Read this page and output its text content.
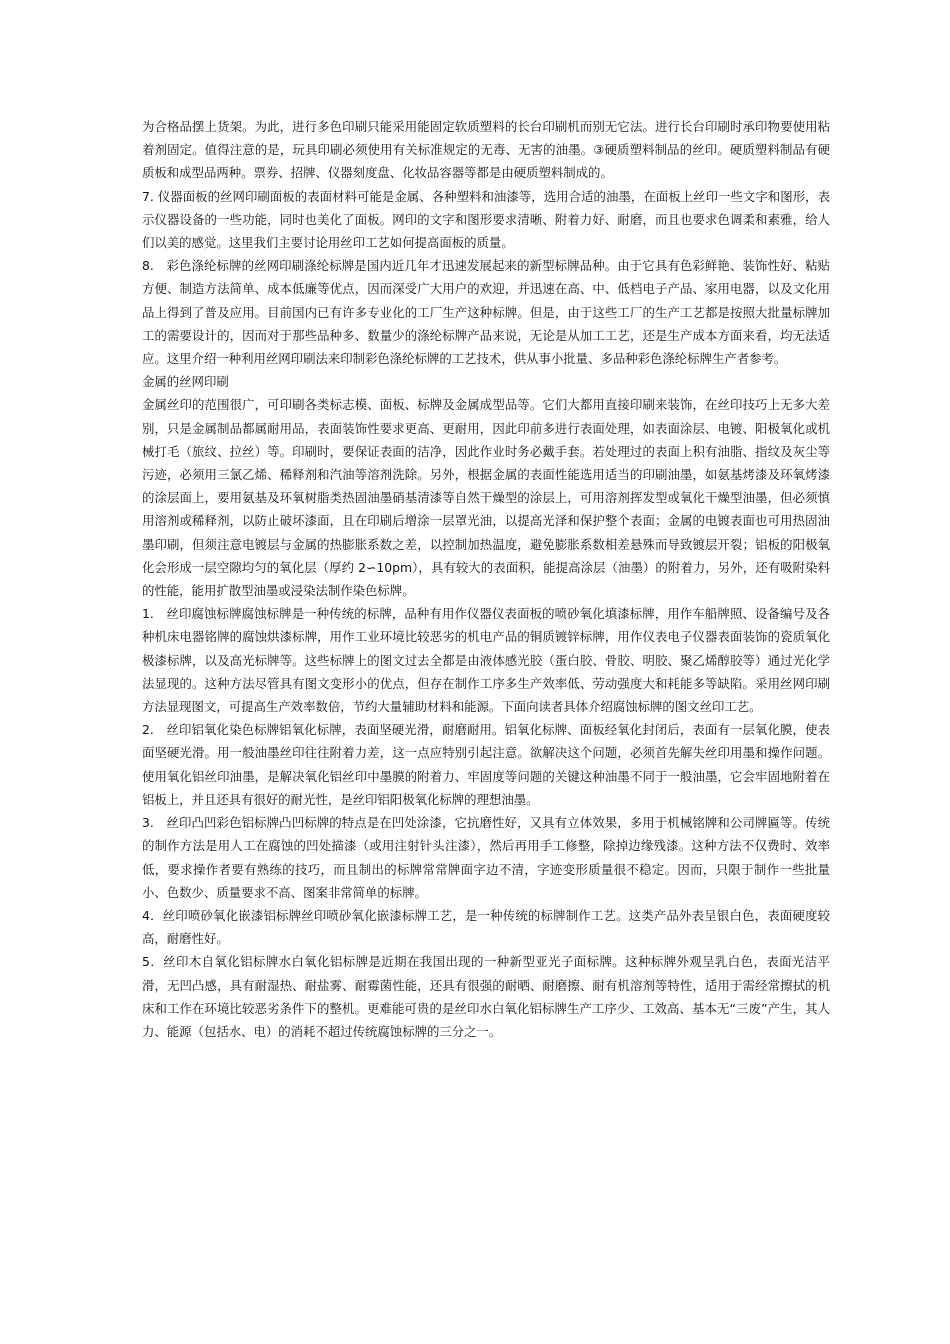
为合格品摆上货架。为此，进行多色印刷只能采用能固定软质塑料的长台印刷机而别无它法。进行长台印刷时承印物要使用粘着剂固定。值得注意的是，玩具印刷必须使用有关标准规定的无毒、无害的油墨。③硬质塑料制品的丝印。硬质塑料制品有硬质板和成型品两种。票券、招牌、仪器刻度盘、化妆品容器等都是由硬质塑料制成的。

7. 仪器面板的丝网印刷面板的表面材料可能是金属、各种塑料和油漆等，选用合适的油墨，在面板上丝印一些文字和图形，表示仪器设备的一些功能，同时也美化了面板。网印的文字和图形要求清晰、附着力好、耐磨，而且也要求色调柔和素雅，给人们以美的感觉。这里我们主要讨论用丝印工艺如何提高面板的质量。

8.　彩色涤纶标牌的丝网印刷涤纶标牌是国内近几年才迅速发展起来的新型标牌品种。由于它具有色彩鲜艳、装饰性好、粘贴方便、制造方法简单、成本低廉等优点，因而深受广大用户的欢迎，并迅速在高、中、低档电子产品、家用电器，以及文化用品上得到了普及应用。目前国内已有许多专业化的工厂生产这种标牌。但是，由于这些工厂的生产工艺都是按照大批量标牌加工的需要设计的，因而对于那些品种多、数量少的涤纶标牌产品来说，无论是从加工工艺，还是生产成本方面来看，均无法适应。这里介绍一种利用丝网印刷法来印制彩色涤纶标牌的工艺技术，供从事小批量、多品种彩色涤纶标牌生产者参考。

金属的丝网印刷

金属丝印的范围很广，可印刷各类标志模、面板、标牌及金属成型品等。它们大都用直接印刷来装饰，在丝印技巧上无多大差别，只是金属制品都属耐用品，表面装饰性要求更高、更耐用，因此印前多进行表面处理，如表面涂层、电镀、阳极氧化或机械打毛（旅纹、拉丝）等。印刷时，要保证表面的洁净，因此作业时务必戴手套。若处理过的表面上积有油脂、指纹及灰尘等污迹，必须用三氯乙烯、稀释剂和汽油等溶剂洗除。另外，根据金属的表面性能选用适当的印刷油墨，如氨基烤漆及环氧烤漆的涂层面上，要用氨基及环氧树脂类热固油墨硝基清漆等自然干燥型的涂层上，可用溶剂挥发型或氧化干燥型油墨，但必须慎用溶剂或稀释剂，以防止破坏漆面，且在印刷后增涂一层罩光油，以提高光泽和保护整个表面；金属的电镀表面也可用热固油墨印刷，但须注意电镀层与金属的热膨胀系数之差，以控制加热温度，避免膨胀系数相差悬殊而导致镀层开裂；铝板的阳极氧化会形成一层空隙均匀的氧化层（厚约 2∽10pm），具有较大的表面积，能提高涂层（油墨）的附着力，另外，还有吸附染料的性能，能用扩散型油墨或浸染法制作染色标牌。

1.　丝印腐蚀标牌腐蚀标牌是一种传统的标牌，品种有用作仪器仪表面板的喷砂氧化填漆标牌，用作车船牌照、设备编号及各种机床电器铭牌的腐蚀烘漆标牌，用作工业环境比较恶劣的机电产品的铜质镀锌标牌，用作仪表电子仪器表面装饰的瓷质氧化极漆标牌，以及高光标牌等。这些标牌上的图文过去全都是由液体感光胶（蛋白胶、骨胶、明胶、聚乙烯醇胶等）通过光化学法显现的。这种方法尽管具有图文变形小的优点，但存在制作工序多生产效率低、劳动强度大和耗能多等缺陷。采用丝网印刷方法显现图文，可提高生产效率数倍，节约大量辅助材料和能源。下面向读者具体介绍腐蚀标牌的图文丝印工艺。

2.　丝印铝氧化染色标牌铝氧化标牌，表面坚硬光滑，耐磨耐用。铝氧化标牌、面板经氧化封闭后，表面有一层氧化膜，使表面坚硬光滑。用一般油墨丝印往往附着力差，这一点应特别引起注意。欲解决这个问题，必须首先解失丝印用墨和操作问题。使用氧化铝丝印油墨，是解决氧化铝丝印中墨膜的附着力、牢固度等问题的关键这种油墨不同于一般油墨，它会牢固地附着在铝板上，并且还具有很好的耐光性，是丝印铝阳极氧化标牌的理想油墨。

3.　丝印凸凹彩色铝标牌凸凹标牌的特点是在凹处涂漆，它抗磨性好，又具有立体效果，多用于机械铭牌和公司牌匾等。传统的制作方法是用人工在腐蚀的凹处描漆（或用注射针头注漆），然后再用手工修整，除掉边缘残漆。这种方法不仅费时、效率低，要求操作者要有熟练的技巧，而且制出的标牌常常牌面字边不清，字迹变形质量很不稳定。因而，只限于制作一些批量小、色数少、质量要求不高、图案非常简单的标牌。

4．丝印喷砂氧化嵌漆铝标牌丝印喷砂氧化嵌漆标牌工艺，是一种传统的标牌制作工艺。这类产品外表呈银白色，表面硬度较高，耐磨性好。

5．丝印木自氧化铝标牌水白氧化铝标牌是近期在我国出现的一种新型亚光子面标牌。这种标牌外观呈乳白色，表面光洁平滑，无凹凸感，具有耐湿热、耐盐雾、耐霉菌性能，还具有很强的耐晒、耐磨擦、耐有机溶剂等特性，适用于需经常擦拭的机床和工作在环境比较恶劣条件下的整机。更难能可贵的是丝印水白氧化铝标牌生产工序少、工效高、基本无“三废”产生，其人力、能源（包括水、电）的消耗不超过传统腐蚀标牌的三分之一。
